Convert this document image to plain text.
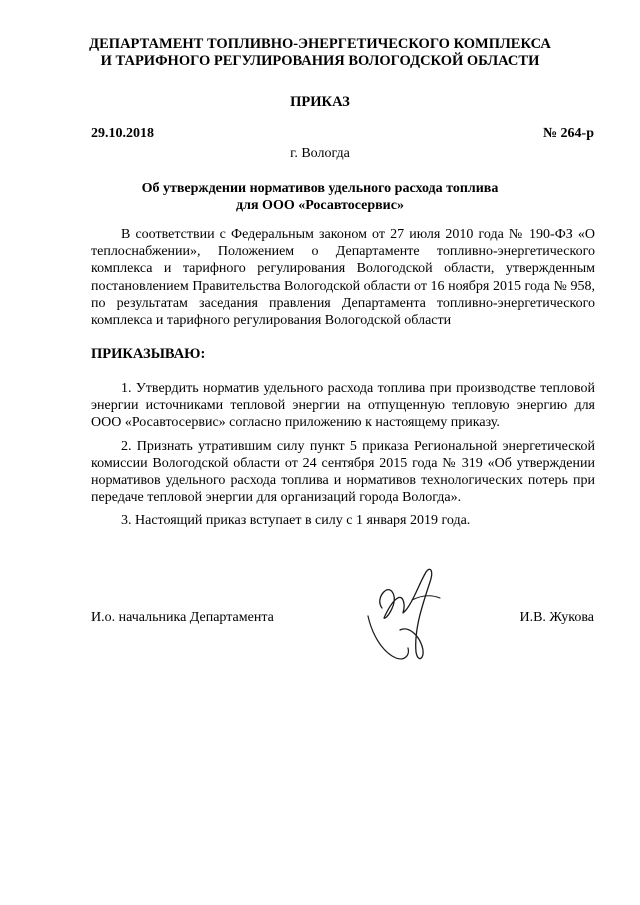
ДЕПАРТАМЕНТ ТОПЛИВНО-ЭНЕРГЕТИЧЕСКОГО КОМПЛЕКСА
И ТАРИФНОГО РЕГУЛИРОВАНИЯ ВОЛОГОДСКОЙ ОБЛАСТИ
ПРИКАЗ
29.10.2018	№ 264-р
г. Вологда
Об утверждении нормативов удельного расхода топлива
для ООО «Росавтосервис»

В соответствии с Федеральным законом от 27 июля 2010 года № 190-ФЗ «О теплоснабжении», Положением о Департаменте топливно-энергетического комплекса и тарифного регулирования Вологодской области, утвержденным постановлением Правительства Вологодской области от 16 ноября 2015 года № 958, по результатам заседания правления Департамента топливно-энергетического комплекса и тарифного регулирования Вологодской области

ПРИКАЗЫВАЮ:

1. Утвердить норматив удельного расхода топлива при производстве тепловой энергии источниками тепловой энергии на отпущенную тепловую энергию для ООО «Росавтосервис» согласно приложению к настоящему приказу.

2. Признать утратившим силу пункт 5 приказа Региональной энергетической комиссии Вологодской области от 24 сентября 2015 года № 319 «Об утверждении нормативов удельного расхода топлива и нормативов технологических потерь при передаче тепловой энергии для организаций города Вологда».

3. Настоящий приказ вступает в силу с 1 января 2019 года.

И.о. начальника Департамента	И.В. Жукова
